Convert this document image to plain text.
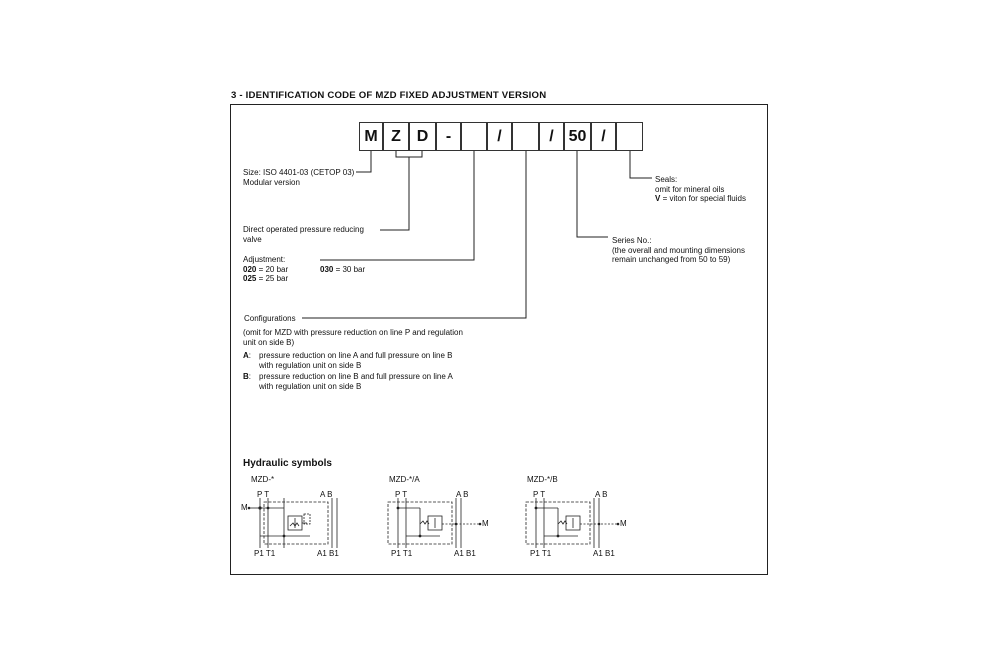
3 - IDENTIFICATION CODE OF MZD FIXED ADJUSTMENT VERSION
M Z D	-	/	/ 50 /
Size: ISO 4401-03 (CETOP 03)
Modular version
Direct operated pressure reducing
valve
Adjustment:
020 = 20 bar
025 = 25 bar
030 = 30 bar
Configurations
(omit for MZD with pressure reduction on line P and regulation
unit on side B)
A: pressure reduction on line A and full pressure on line B
with regulation unit on side B
B: pressure reduction on line B and full pressure on line A
with regulation unit on side B
Seals:
omit for mineral oils
V = viton for special fluids
Series No.:
(the overall and mounting dimensions
remain unchanged from 50 to 59)
Hydraulic symbols
MZD-*
P T	A B
P1 T1	A1 B1
M
MZD-*/A
P T	A B
P1 T1	A1 B1
M
MZD-*/B
P T	A B
P1 T1	A1 B1
M
